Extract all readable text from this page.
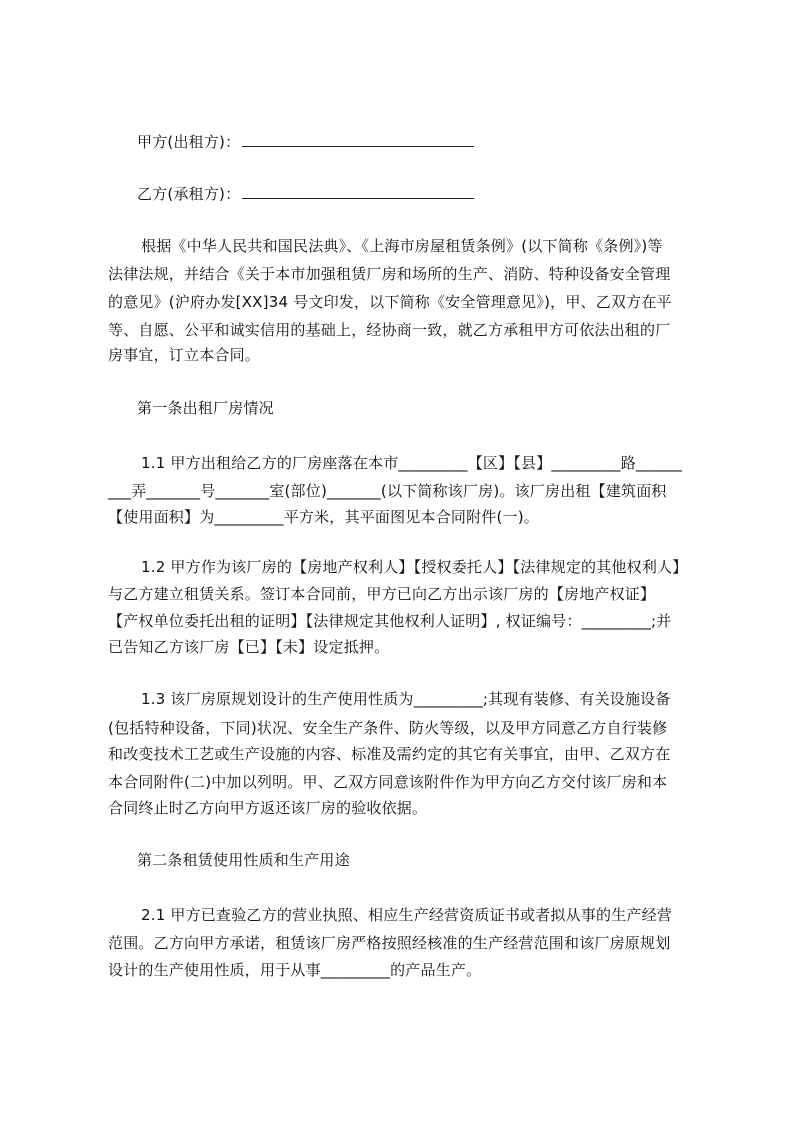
甲方(出租方)：
乙方(承租方)：
根据《中华人民共和国民法典》、《上海市房屋租赁条例》(以下简称《条例》)等
法律法规，并结合《关于本市加强租赁厂房和场所的生产、消防、特种设备安全管理
的意见》(沪府办发[XX]34 号文印发，以下简称《安全管理意见》)，甲、乙双方在平
等、自愿、公平和诚实信用的基础上，经协商一致，就乙方承租甲方可依法出租的厂
房事宜，订立本合同。
第一条出租厂房情况
1.1 甲方出租给乙方的厂房座落在本市_________【区】【县】_________路______
___弄_______号_______室(部位)_______(以下简称该厂房)。该厂房出租【建筑面积
【使用面积】为_________平方米，其平面图见本合同附件(一)。
1.2 甲方作为该厂房的【房地产权利人】【授权委托人】【法律规定的其他权利人】
与乙方建立租赁关系。签订本合同前，甲方已向乙方出示该厂房的【房地产权证】
【产权单位委托出租的证明】【法律规定其他权利人证明】, 权证编号：_________;并
已告知乙方该厂房【已】【未】设定抵押。
1.3 该厂房原规划设计的生产使用性质为_________;其现有装修、有关设施设备
(包括特种设备，下同)状况、安全生产条件、防火等级，以及甲方同意乙方自行装修
和改变技术工艺或生产设施的内容、标准及需约定的其它有关事宜，由甲、乙双方在
本合同附件(二)中加以列明。甲、乙双方同意该附件作为甲方向乙方交付该厂房和本
合同终止时乙方向甲方返还该厂房的验收依据。
第二条租赁使用性质和生产用途
2.1 甲方已查验乙方的营业执照、相应生产经营资质证书或者拟从事的生产经营
范围。乙方向甲方承诺，租赁该厂房严格按照经核准的生产经营范围和该厂房原规划
设计的生产使用性质，用于从事_________的产品生产。
